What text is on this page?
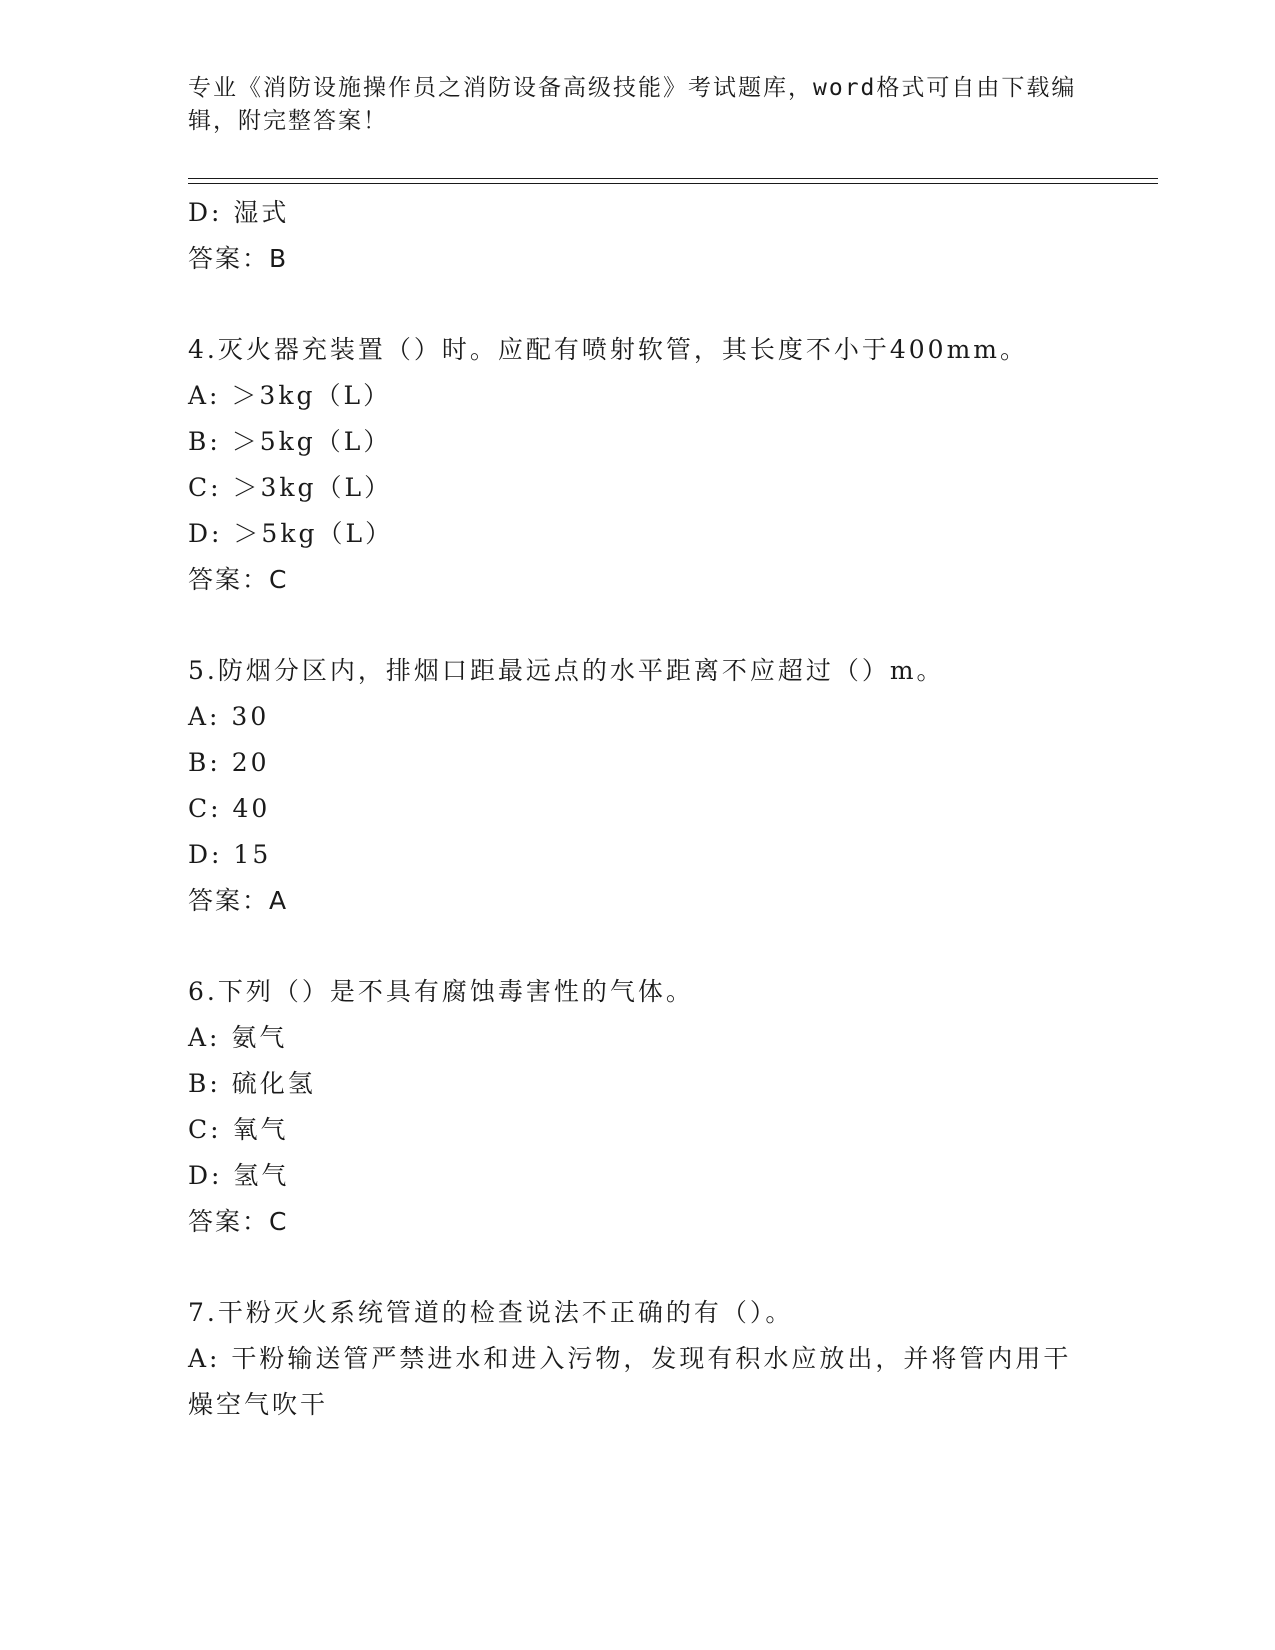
专业《消防设施操作员之消防设备高级技能》考试题库，word格式可自由下载编辑，附完整答案！
D: 湿式
答案：B
4.灭火器充装置（）时。应配有喷射软管，其长度不小于400mm。
A: ＞3kg（L）
B: ＞5kg（L）
C: ＞3kg（L）
D: ＞5kg（L）
答案：C
5.防烟分区内，排烟口距最远点的水平距离不应超过（）m。
A: 30
B: 20
C: 40
D: 15
答案：A
6.下列（）是不具有腐蚀毒害性的气体。
A: 氨气
B: 硫化氢
C: 氧气
D: 氢气
答案：C
7.干粉灭火系统管道的检查说法不正确的有（）。
A: 干粉输送管严禁进水和进入污物，发现有积水应放出，并将管内用干燥空气吹干
